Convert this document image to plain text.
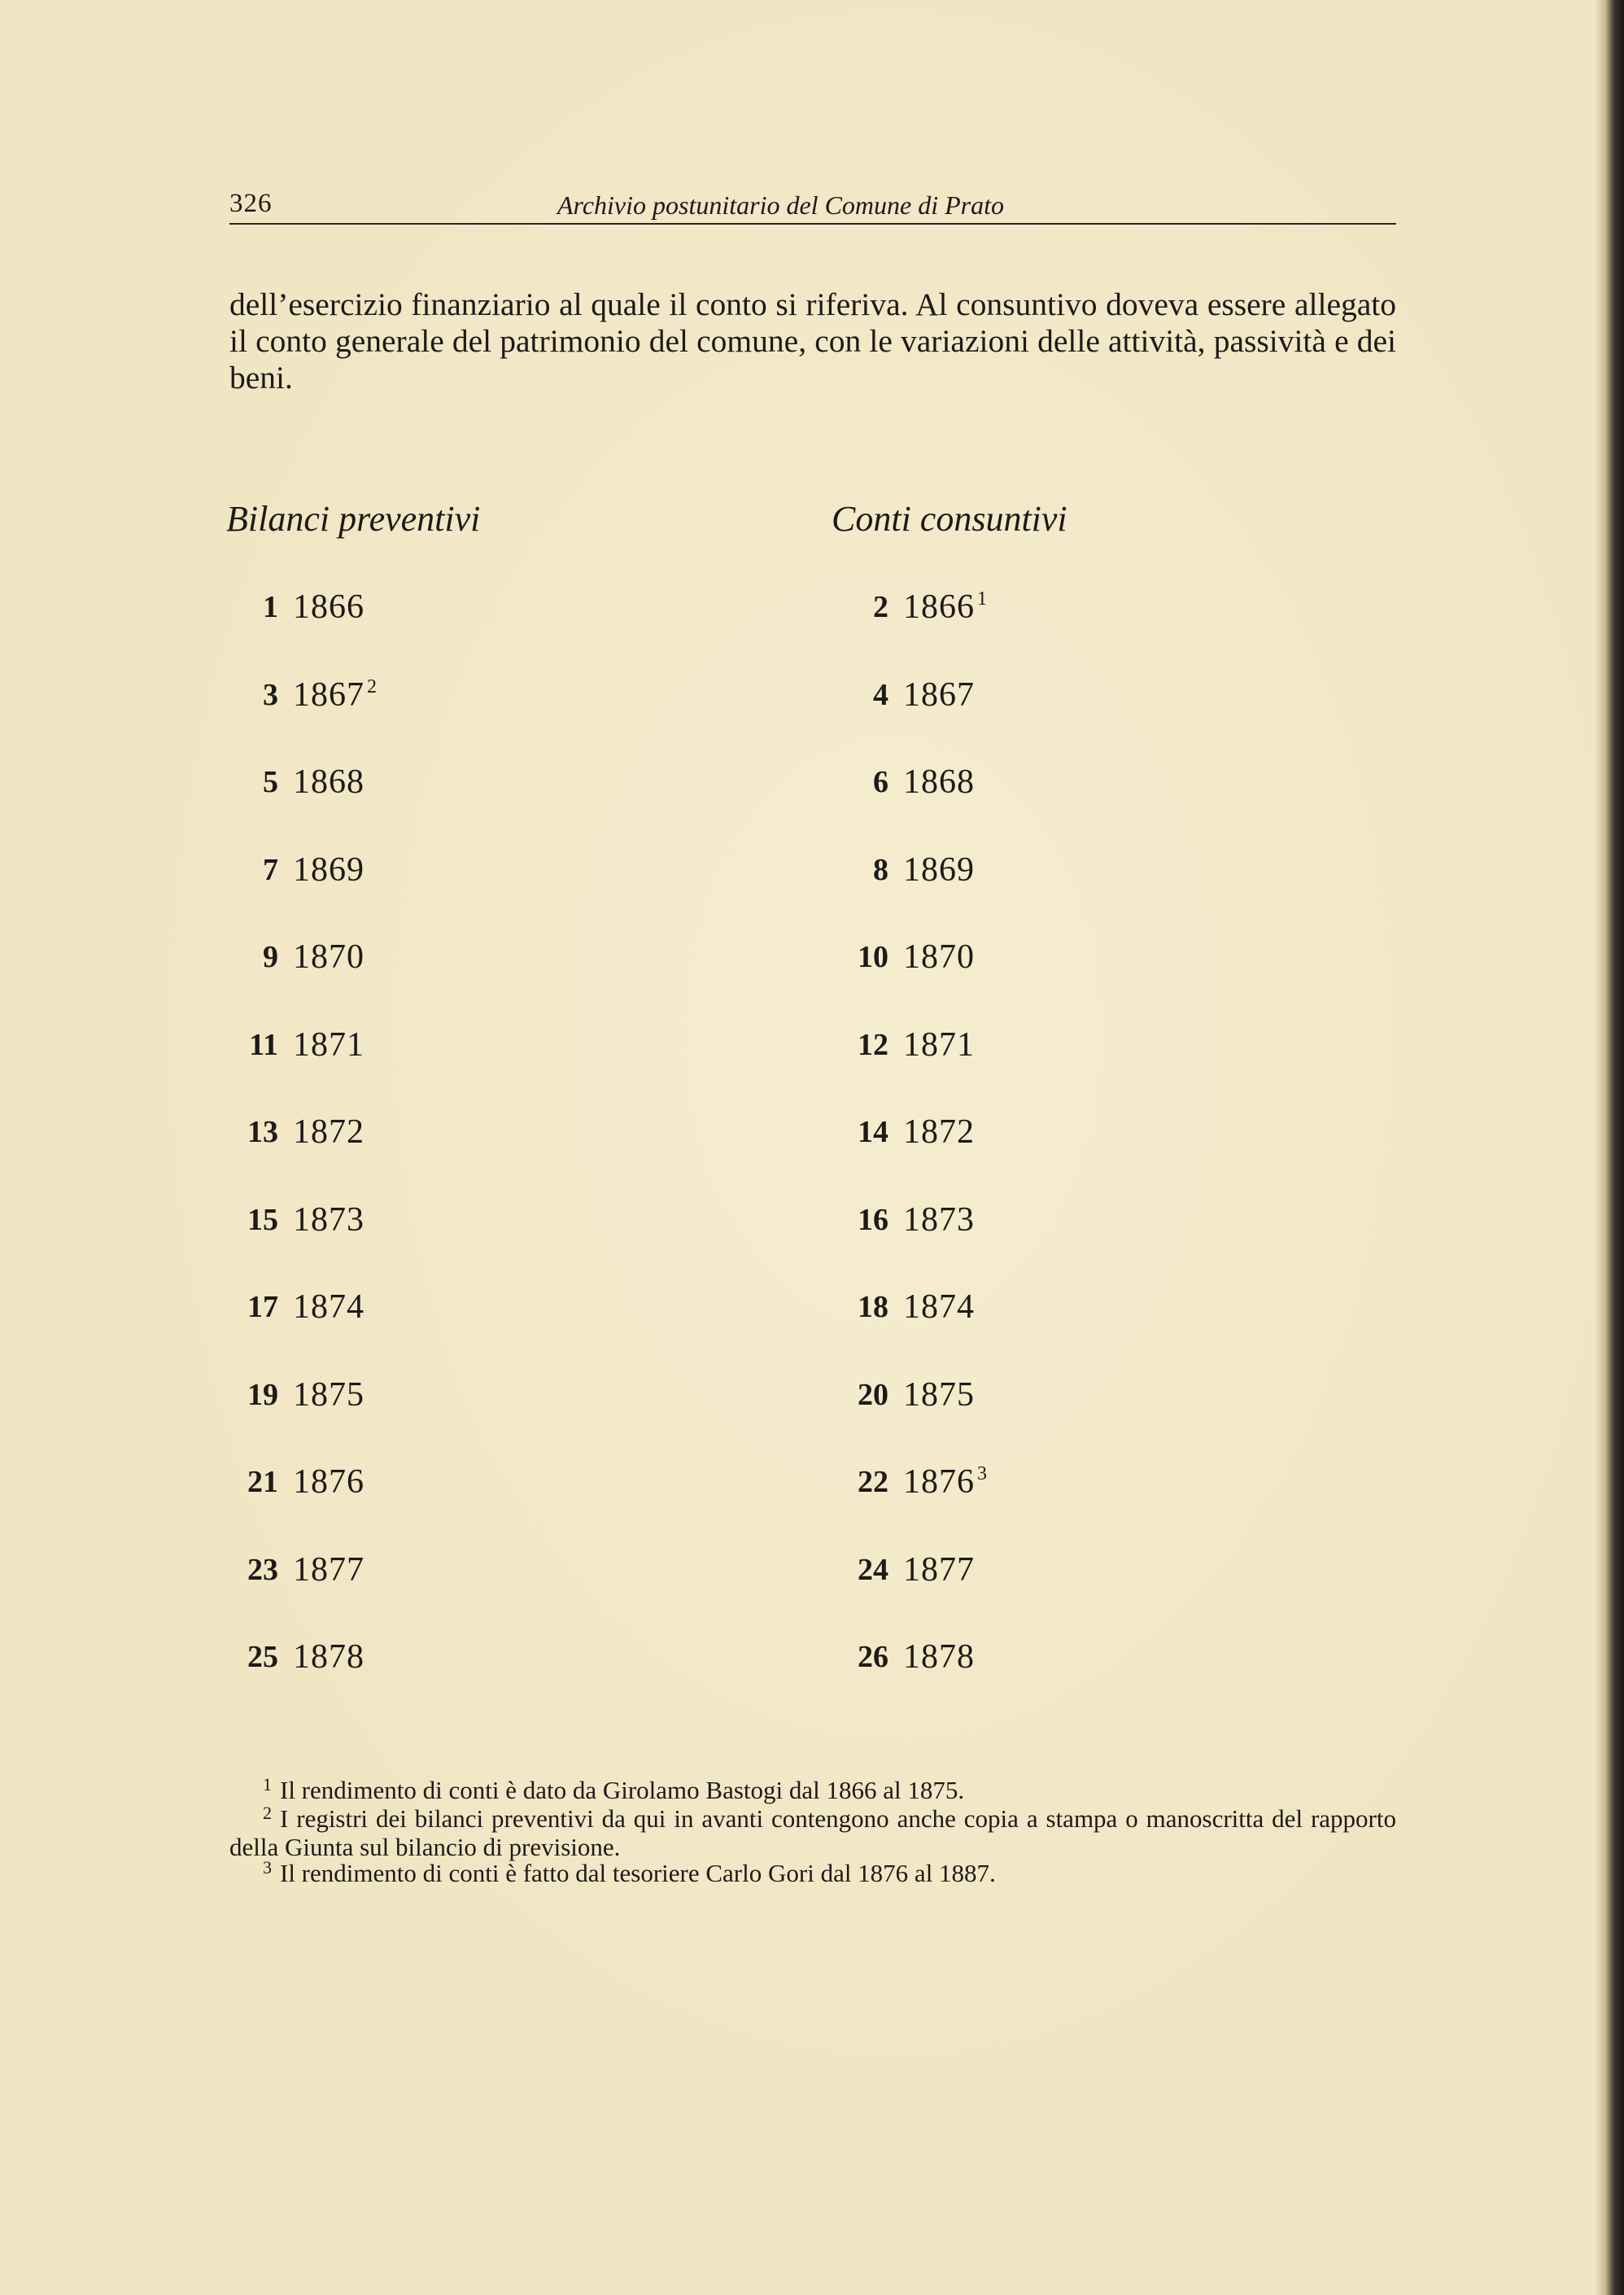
326	Archivio postunitario del Comune di Prato

dell’esercizio finanziario al quale il conto si riferiva. Al consuntivo doveva essere allegato il conto generale del patrimonio del comune, con le variazioni delle attività, passività e dei beni.

Bilanci preventivi	Conti consuntivi
1 1866	2 1866 $^1$
3 1867 $^2$	4 1867
5 1868	6 1868
7 1869	8 1869
9 1870	10 1870
11 1871	12 1871
13 1872	14 1872
15 1873	16 1873
17 1874	18 1874
19 1875	20 1875
21 1876	22 1876 $^3$
23 1877	24 1877
25 1878	26 1878

1 Il rendimento di conti è dato da Girolamo Bastogi dal 1866 al 1875.

2 I registri dei bilanci preventivi da qui in avanti contengono anche copia a stampa o manoscritta del rapporto della Giunta sul bilancio di previsione.

3 Il rendimento di conti è fatto dal tesoriere Carlo Gori dal 1876 al 1887.
